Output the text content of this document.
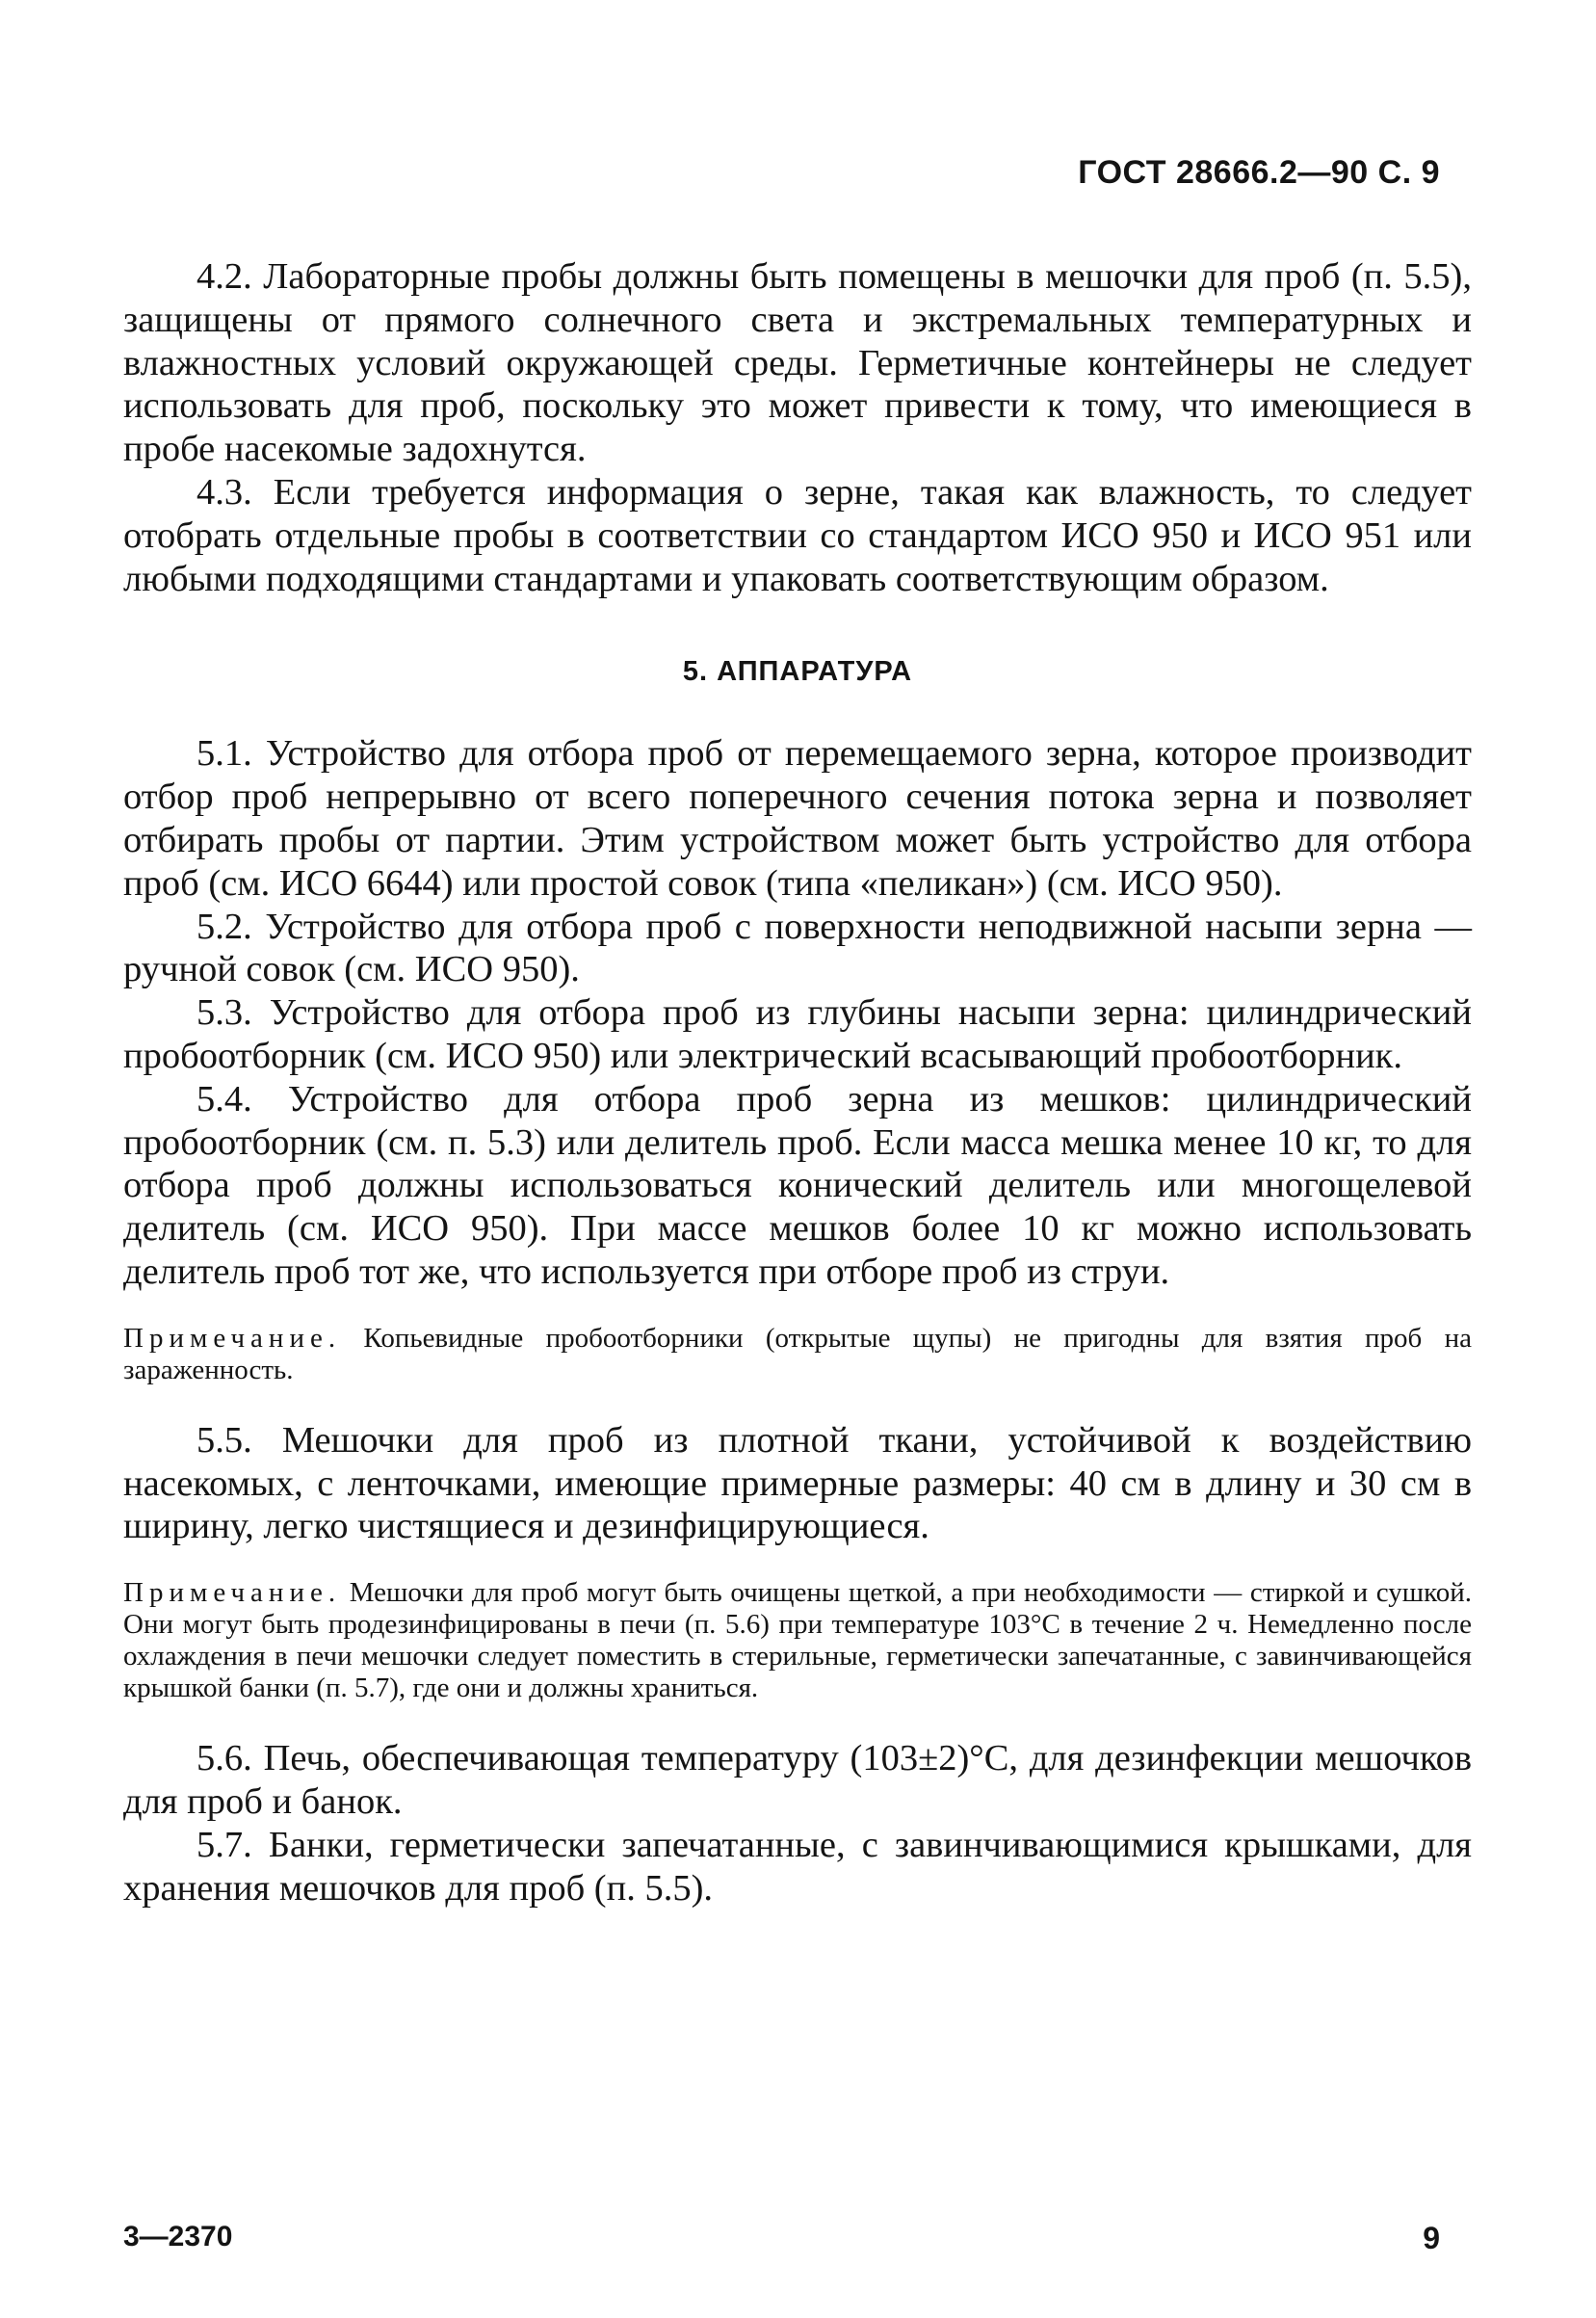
ГОСТ 28666.2—90 С. 9

4.2. Лабораторные пробы должны быть помещены в мешочки для проб (п. 5.5), защищены от прямого солнечного света и экстремальных температурных и влажностных условий окружающей среды. Герметичные контейнеры не следует использовать для проб, поскольку это может привести к тому, что имеющиеся в пробе насекомые задохнутся.

4.3. Если требуется информация о зерне, такая как влажность, то следует отобрать отдельные пробы в соответствии со стандартом ИСО 950 и ИСО 951 или любыми подходящими стандартами и упаковать соответствующим образом.

5. АППАРАТУРА

5.1. Устройство для отбора проб от перемещаемого зерна, которое производит отбор проб непрерывно от всего поперечного сечения потока зерна и позволяет отбирать пробы от партии. Этим устройством может быть устройство для отбора проб (см. ИСО 6644) или простой совок (типа «пеликан») (см. ИСО 950).

5.2. Устройство для отбора проб с поверхности неподвижной насыпи зерна — ручной совок (см. ИСО 950).

5.3. Устройство для отбора проб из глубины насыпи зерна: цилиндрический пробоотборник (см. ИСО 950) или электрический всасывающий пробоотборник.

5.4. Устройство для отбора проб зерна из мешков: цилиндрический пробоотборник (см. п. 5.3) или делитель проб. Если масса мешка менее 10 кг, то для отбора проб должны использоваться конический делитель или многощелевой делитель (см. ИСО 950). При массе мешков более 10 кг можно использовать делитель проб тот же, что используется при отборе проб из струи.

Примечание. Копьевидные пробоотборники (открытые щупы) не пригодны для взятия проб на зараженность.

5.5. Мешочки для проб из плотной ткани, устойчивой к воздействию насекомых, с ленточками, имеющие примерные размеры: 40 см в длину и 30 см в ширину, легко чистящиеся и дезинфицирующиеся.

Примечание. Мешочки для проб могут быть очищены щеткой, а при необходимости — стиркой и сушкой. Они могут быть продезинфицированы в печи (п. 5.6) при температуре 103°С в течение 2 ч. Немедленно после охлаждения в печи мешочки следует поместить в стерильные, герметически запечатанные, с завинчивающейся крышкой банки (п. 5.7), где они и должны храниться.

5.6. Печь, обеспечивающая температуру (103±2)°С, для дезинфекции мешочков для проб и банок.

5.7. Банки, герметически запечатанные, с завинчивающимися крышками, для хранения мешочков для проб (п. 5.5).

3—2370	9
